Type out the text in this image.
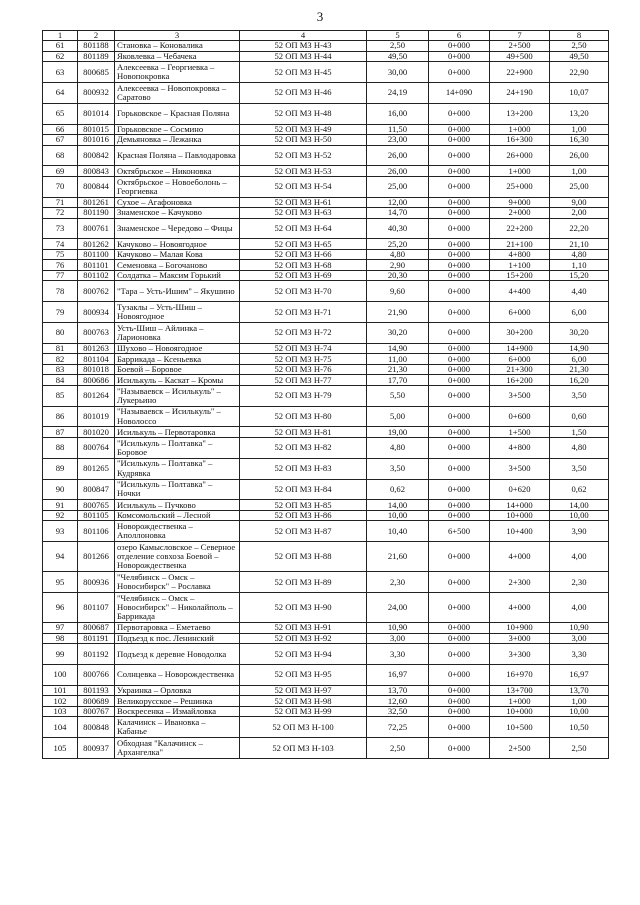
3
1	2	3	4	5	6	7	8
61	801188	Становка – Коновалика	52 ОП МЗ Н-43	2,50	0+000	2+500	2,50
62	801189	Яковлевка – Чебачека	52 ОП МЗ Н-44	49,50	0+000	49+500	49,50
63	800685	Алексеевка – Георгиевка – Новопокровка	52 ОП МЗ Н-45	30,00	0+000	22+900	22,90
64	800932	Алексеевка – Новопокровка – Саратово	52 ОП МЗ Н-46	24,19	14+090	24+190	10,07
65	801014	Горьковское – Красная Поляна	52 ОП МЗ Н-48	16,00	0+000	13+200	13,20
66	801015	Горьковское – Сосмино	52 ОП МЗ Н-49	11,50	0+000	1+000	1,00
67	801016	Демьяновка – Лежанка	52 ОП МЗ Н-50	23,00	0+000	16+300	16,30
68	800842	Красная Поляна – Павлодаровка	52 ОП МЗ Н-52	26,00	0+000	26+000	26,00
69	800843	Октябрьское – Никоновка	52 ОП МЗ Н-53	26,00	0+000	1+000	1,00
70	800844	Октябрьское – Новоеболонь – Георгиевка	52 ОП МЗ Н-54	25,00	0+000	25+000	25,00
71	801261	Сухое – Агафоновка	52 ОП МЗ Н-61	12,00	0+000	9+000	9,00
72	801190	Знаменское – Качуково	52 ОП МЗ Н-63	14,70	0+000	2+000	2,00
73	800761	Знаменское – Чередово – Фицы	52 ОП МЗ Н-64	40,30	0+000	22+200	22,20
74	801262	Качуково – Новоягодное	52 ОП МЗ Н-65	25,20	0+000	21+100	21,10
75	801100	Качуково – Малая Кова	52 ОП МЗ Н-66	4,80	0+000	4+800	4,80
76	801101	Семеновка – Богочаново	52 ОП МЗ Н-68	2,90	0+000	1+100	1,10
77	801102	Солдатка – Максим Горький	52 ОП МЗ Н-69	20,30	0+000	15+200	15,20
78	800762	"Тара – Усть-Ишим" – Якушино	52 ОП МЗ Н-70	9,60	0+000	4+400	4,40
79	800934	Тузаклы – Усть-Шиш – Новоягодное	52 ОП МЗ Н-71	21,90	0+000	6+000	6,00
80	800763	Усть-Шиш – Айлинка – Ларионовка	52 ОП МЗ Н-72	30,20	0+000	30+200	30,20
81	801263	Шухово – Новоягодное	52 ОП МЗ Н-74	14,90	0+000	14+900	14,90
82	801104	Баррикада – Ксеньевка	52 ОП МЗ Н-75	11,00	0+000	6+000	6,00
83	801018	Боевой – Боровое	52 ОП МЗ Н-76	21,30	0+000	21+300	21,30
84	800686	Исилькуль – Каскат – Кромы	52 ОП МЗ Н-77	17,70	0+000	16+200	16,20
85	801264	"Называевск – Исилькуль" – Лукерьино	52 ОП МЗ Н-79	5,50	0+000	3+500	3,50
86	801019	"Называевск – Исилькуль" – Новолоссо	52 ОП МЗ Н-80	5,00	0+000	0+600	0,60
87	801020	Исилькуль – Первотаровка	52 ОП МЗ Н-81	19,00	0+000	1+500	1,50
88	800764	"Исилькуль – Полтавка" – Боровое	52 ОП МЗ Н-82	4,80	0+000	4+800	4,80
89	801265	"Исилькуль – Полтавка" – Кудрявка	52 ОП МЗ Н-83	3,50	0+000	3+500	3,50
90	800847	"Исилькуль – Полтавка" – Ночки	52 ОП МЗ Н-84	0,62	0+000	0+620	0,62
91	800765	Исилькуль – Пучково	52 ОП МЗ Н-85	14,00	0+000	14+000	14,00
92	801105	Комсомольский – Лесной	52 ОП МЗ Н-86	10,00	0+000	10+000	10,00
93	801106	Новорождественка – Аполлоновка	52 ОП МЗ Н-87	10,40	6+500	10+400	3,90
94	801266	озеро Камысловское – Северное отделение совхоза Боевой – Новорождественка	52 ОП МЗ Н-88	21,60	0+000	4+000	4,00
95	800936	"Челябинск – Омск – Новосибирск" – Рославка	52 ОП МЗ Н-89	2,30	0+000	2+300	2,30
96	801107	"Челябинск – Омск – Новосибирск" – Николайполь – Баррикада	52 ОП МЗ Н-90	24,00	0+000	4+000	4,00
97	800687	Первотаровка – Еметаево	52 ОП МЗ Н-91	10,90	0+000	10+900	10,90
98	801191	Подъезд к пос. Ленинский	52 ОП МЗ Н-92	3,00	0+000	3+000	3,00
99	801192	Подъезд к деревне Новодолка	52 ОП МЗ Н-94	3,30	0+000	3+300	3,30
100	800766	Солнцевка – Новорождественка	52 ОП МЗ Н-95	16,97	0+000	16+970	16,97
101	801193	Украинка – Орловка	52 ОП МЗ Н-97	13,70	0+000	13+700	13,70
102	800689	Великорусское – Решинка	52 ОП МЗ Н-98	12,60	0+000	1+000	1,00
103	800767	Воскресенка – Измайловка	52 ОП МЗ Н-99	32,50	0+000	10+000	10,00
104	800848	Калачинск – Ивановка – Кабанье	52 ОП МЗ Н-100	72,25	0+000	10+500	10,50
105	800937	Обходная "Калачинск – Архангелка"	52 ОП МЗ Н-103	2,50	0+000	2+500	2,50
